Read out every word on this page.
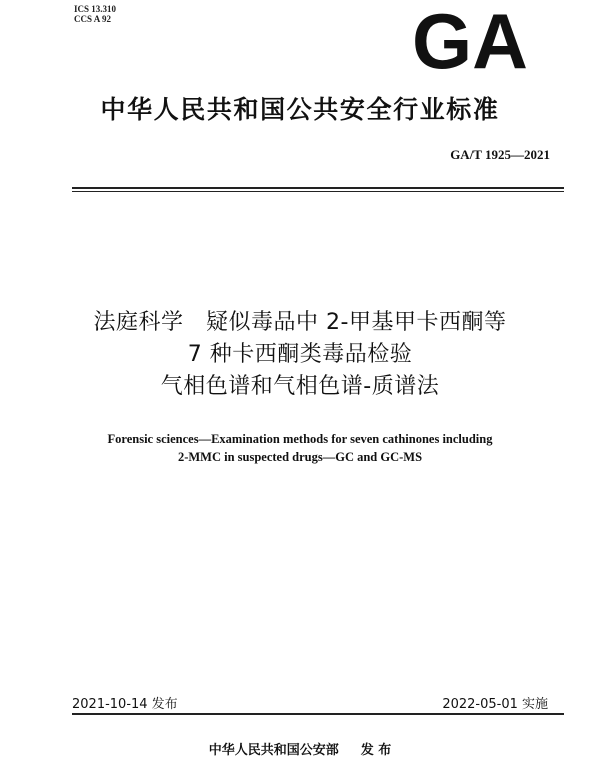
ICS 13.310
CCS A 92	GA
中华人民共和国公共安全行业标准
GA/T 1925—2021
法庭科学　疑似毒品中 2-甲基甲卡西酮等
7 种卡西酮类毒品检验
气相色谱和气相色谱-质谱法
Forensic sciences—Examination methods for seven cathinones including
2-MMC in suspected drugs—GC and GC-MS
2021-10-14 发布	2022-05-01 实施
中华人民共和国公安部 发 布
